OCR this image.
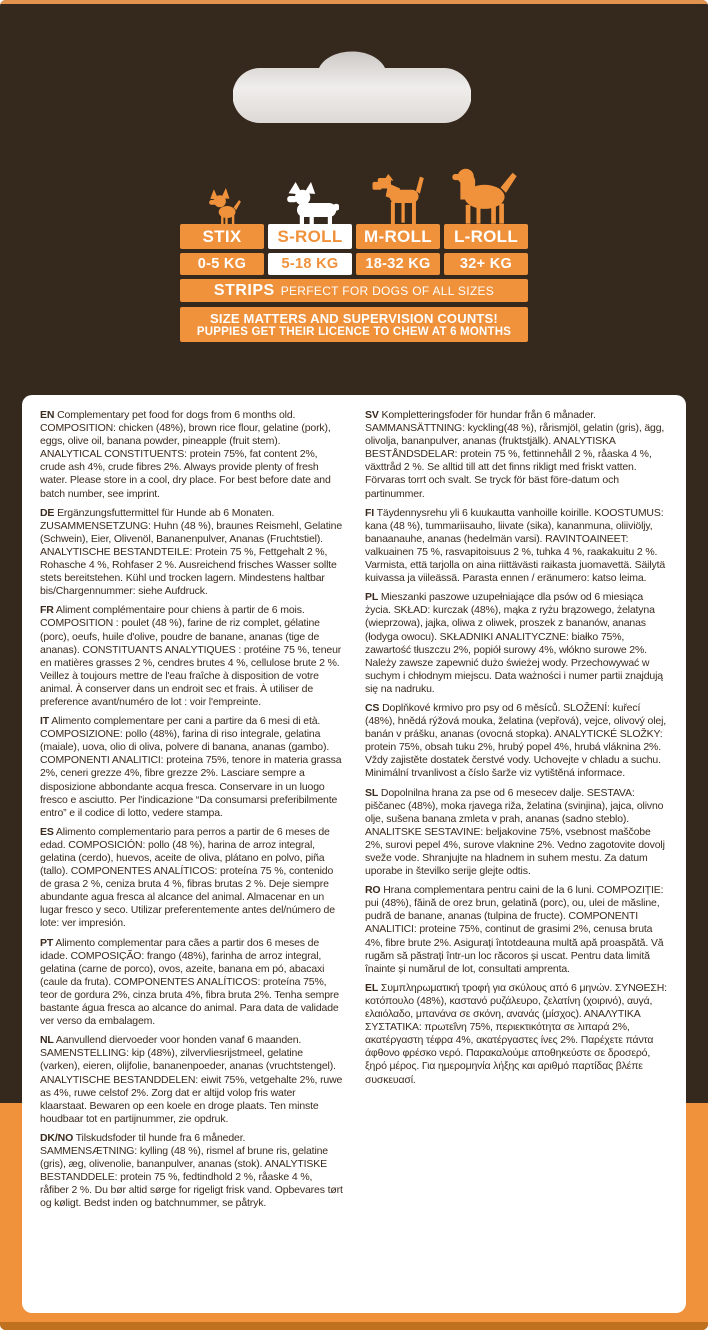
STIX	S-ROLL	M-ROLL	L-ROLL
0-5 KG	5-18 KG	18-32 KG	32+ KG
STRIPS PERFECT FOR DOGS OF ALL SIZES
SIZE MATTERS AND SUPERVISION COUNTS!
PUPPIES GET THEIR LICENCE TO CHEW AT 6 MONTHS

EN Complementary pet food for dogs from 6 months old. COMPOSITION: chicken (48%), brown rice flour, gelatine (pork), eggs, olive oil, banana powder, pineapple (fruit stem). ANALYTICAL CONSTITUENTS: protein 75%, fat content 2%, crude ash 4%, crude fibres 2%. Always provide plenty of fresh water. Please store in a cool, dry place. For best before date and batch number, see imprint.

DE Ergänzungsfuttermittel für Hunde ab 6 Monaten. ZUSAMMENSETZUNG: Huhn (48 %), braunes Reismehl, Gelatine (Schwein), Eier, Olivenöl, Bananenpulver, Ananas (Fruchtstiel). ANALYTISCHE BESTANDTEILE: Protein 75 %, Fettgehalt 2 %, Rohasche 4 %, Rohfaser 2 %. Ausreichend frisches Wasser sollte stets bereitstehen. Kühl und trocken lagern. Mindestens haltbar bis/Chargennummer: siehe Aufdruck.

FR Aliment complémentaire pour chiens à partir de 6 mois. COMPOSITION : poulet (48 %), farine de riz complet, gélatine (porc), oeufs, huile d'olive, poudre de banane, ananas (tige de ananas). CONSTITUANTS ANALYTIQUES : protéine 75 %, teneur en matières grasses 2 %, cendres brutes 4 %, cellulose brute 2 %. Veillez à toujours mettre de l'eau fraîche à disposition de votre animal. À conserver dans un endroit sec et frais. À utiliser de preference avant/numéro de lot : voir l'empreinte.

IT Alimento complementare per cani a partire da 6 mesi di età. COMPOSIZIONE: pollo (48%), farina di riso integrale, gelatina (maiale), uova, olio di oliva, polvere di banana, ananas (gambo). COMPONENTI ANALITICI: proteina 75%, tenore in materia grassa 2%, ceneri grezze 4%, fibre grezze 2%. Lasciare sempre a disposizione abbondante acqua fresca. Conservare in un luogo fresco e asciutto. Per l'indicazione “Da consumarsi preferibilmente entro” e il codice di lotto, vedere stampa.

ES Alimento complementario para perros a partir de 6 meses de edad. COMPOSICIÓN: pollo (48 %), harina de arroz integral, gelatina (cerdo), huevos, aceite de oliva, plátano en polvo, piña (tallo). COMPONENTES ANALÍTICOS: proteína 75 %, contenido de grasa 2 %, ceniza bruta 4 %, fibras brutas 2 %. Deje siempre abundante agua fresca al alcance del animal. Almacenar en un lugar fresco y seco. Utilizar preferentemente antes del/número de lote: ver impresión.

PT Alimento complementar para cães a partir dos 6 meses de idade. COMPOSIÇÃO: frango (48%), farinha de arroz integral, gelatina (carne de porco), ovos, azeite, banana em pó, abacaxi (caule da fruta). COMPONENTES ANALÍTICOS: proteína 75%, teor de gordura 2%, cinza bruta 4%, fibra bruta 2%. Tenha sempre bastante água fresca ao alcance do animal. Para data de validade ver verso da embalagem.

NL Aanvullend diervoeder voor honden vanaf 6 maanden. SAMENSTELLING: kip (48%), zilvervliesrijstmeel, gelatine (varken), eieren, olijfolie, bananenpoeder, ananas (vruchtstengel). ANALYTISCHE BESTANDDELEN: eiwit 75%, vetgehalte 2%, ruwe as 4%, ruwe celstof 2%. Zorg dat er altijd volop fris water klaarstaat. Bewaren op een koele en droge plaats. Ten minste houdbaar tot en partijnummer, zie opdruk.

DK/NO Tilskudsfoder til hunde fra 6 måneder. SAMMENSÆTNING: kylling (48 %), rismel af brune ris, gelatine (gris), æg, olivenolie, bananpulver, ananas (stok). ANALYTISKE BESTANDDELE: protein 75 %, fedtindhold 2 %, råaske 4 %, råfiber 2 %. Du bør altid sørge for rigeligt frisk vand. Opbevares tørt og køligt. Bedst inden og batchnummer, se påtryk.

SV Kompletteringsfoder för hundar från 6 månader. SAMMANSÄTTNING: kyckling(48 %), rårismjöl, gelatin (gris), ägg, olivolja, bananpulver, ananas (fruktstjälk). ANALYTISKA BESTÅNDSDELAR: protein 75 %, fettinnehåll 2 %, råaska 4 %, växttråd 2 %. Se alltid till att det finns rikligt med friskt vatten. Förvaras torrt och svalt. Se tryck för bäst före-datum och partinummer.

FI Täydennysrehu yli 6 kuukautta vanhoille koirille. KOOSTUMUS: kana (48 %), tummariisauho, liivate (sika), kananmuna, oliiviöljy, banaanauhe, ananas (hedelmän varsi). RAVINTOAINEET: valkuainen 75 %, rasvapitoisuus 2 %, tuhka 4 %, raakakuitu 2 %. Varmista, että tarjolla on aina riittävästi raikasta juomavettä. Säilytä kuivassa ja viileässä. Parasta ennen / eränumero: katso leima.

PL Mieszanki paszowe uzupełniające dla psów od 6 miesiąca życia. SKŁAD: kurczak (48%), mąka z ryżu brązowego, żelatyna (wieprzowa), jajka, oliwa z oliwek, proszek z bananów, ananas (łodyga owocu). SKŁADNIKI ANALITYCZNE: białko 75%, zawartość tłuszczu 2%, popiół surowy 4%, włókno surowe 2%. Należy zawsze zapewnić dużo świeżej wody. Przechowywać w suchym i chłodnym miejscu. Data ważności i numer partii znajdują się na nadruku.

CS Doplňkové krmivo pro psy od 6 měsíců. SLOŽENÍ: kuřecí (48%), hnědá rýžová mouka, želatina (vepřová), vejce, olivový olej, banán v prášku, ananas (ovocná stopka). ANALYTICKÉ SLOŽKY: protein 75%, obsah tuku 2%, hrubý popel 4%, hrubá vláknina 2%. Vždy zajistěte dostatek čerstvé vody. Uchovejte v chladu a suchu. Minimální trvanlivost a číslo šarže viz vytištěná informace.

SL Dopolnilna hrana za pse od 6 mesecev dalje. SESTAVA: piščanec (48%), moka rjavega riža, želatina (svinjina), jajca, olivno olje, sušena banana zmleta v prah, ananas (sadno steblo). ANALITSKE SESTAVINE: beljakovine 75%, vsebnost maščobe 2%, surovi pepel 4%, surove vlaknine 2%. Vedno zagotovite dovolj sveže vode. Shranjujte na hladnem in suhem mestu. Za datum uporabe in številko serije glejte odtis.

RO Hrana complementara pentru caini de la 6 luni. COMPOZIȚIE: pui (48%), făină de orez brun, gelatină (porc), ou, ulei de măsline, pudră de banane, ananas (tulpina de fructe). COMPONENTI ANALITICI: proteine 75%, continut de grasimi 2%, cenusa bruta 4%, fibre brute 2%. Asigurați întotdeauna multă apă proaspătă. Vă rugăm să păstrați într-un loc răcoros și uscat. Pentru data limită înainte și numărul de lot, consultati amprenta.

EL Συμπληρωματική τροφή για σκύλους από 6 μηνών. ΣΥΝΘΕΣΗ: κοτόπουλο (48%), καστανό ρυζάλευρο, ζελατίνη (χοιρινό), αυγά, ελαιόλαδο, μπανάνα σε σκόνη, ανανάς (μίσχος). ΑΝΑΛΥΤΙΚΑ ΣΥΣΤΑΤΙΚΑ: πρωτεΐνη 75%, περιεκτικότητα σε λιπαρά 2%, ακατέργαστη τέφρα 4%, ακατέργαστες ίνες 2%. Παρέχετε πάντα άφθονο φρέσκο νερό. Παρακαλούμε αποθηκεύστε σε δροσερό, ξηρό μέρος. Για ημερομηνία λήξης και αριθμό παρτίδας βλέπε συσκευασί.
